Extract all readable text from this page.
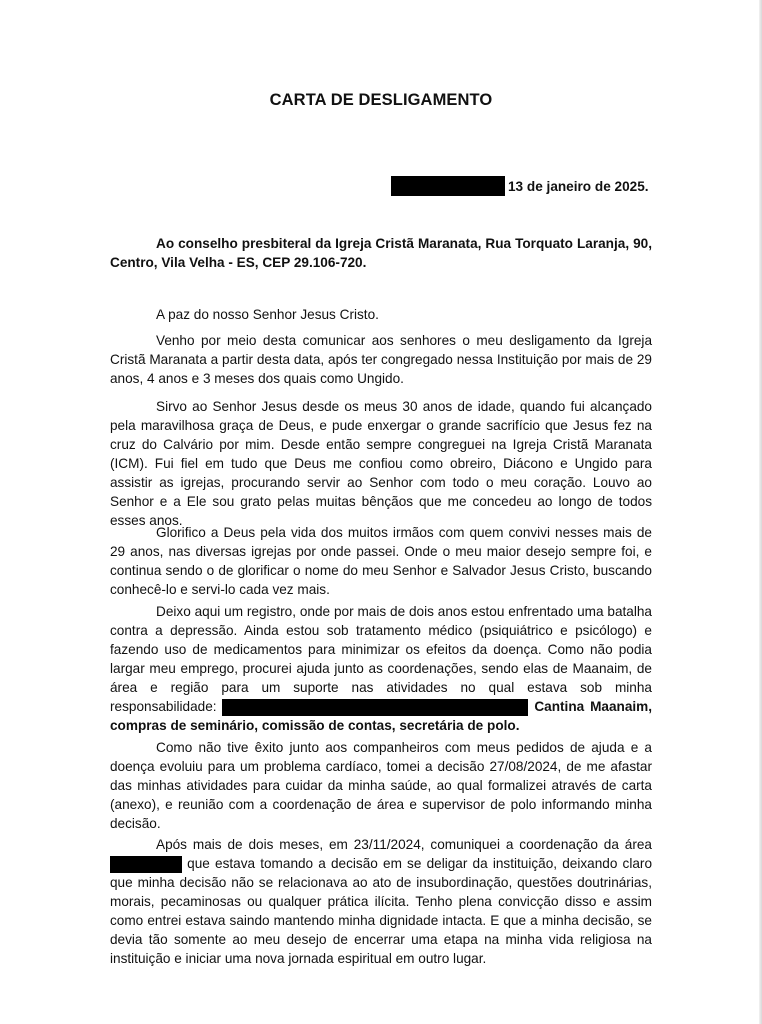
CARTA DE DESLIGAMENTO
13 de janeiro de 2025.
Ao conselho presbiteral da Igreja Cristã Maranata, Rua Torquato Laranja, 90, Centro, Vila Velha - ES, CEP 29.106-720.
A paz do nosso Senhor Jesus Cristo.
Venho por meio desta comunicar aos senhores o meu desligamento da Igreja Cristã Maranata a partir desta data, após ter congregado nessa Instituição por mais de 29 anos, 4 anos e 3 meses dos quais como Ungido.
Sirvo ao Senhor Jesus desde os meus 30 anos de idade, quando fui alcançado pela maravilhosa graça de Deus, e pude enxergar o grande sacrifício que Jesus fez na cruz do Calvário por mim. Desde então sempre congreguei na Igreja Cristã Maranata (ICM). Fui fiel em tudo que Deus me confiou como obreiro, Diácono e Ungido para assistir as igrejas, procurando servir ao Senhor com todo o meu coração. Louvo ao Senhor e a Ele sou grato pelas muitas bênçãos que me concedeu ao longo de todos esses anos.
Glorifico a Deus pela vida dos muitos irmãos com quem convivi nesses mais de 29 anos, nas diversas igrejas por onde passei. Onde o meu maior desejo sempre foi, e continua sendo o de glorificar o nome do meu Senhor e Salvador Jesus Cristo, buscando conhecê-lo e servi-lo cada vez mais.
Deixo aqui um registro, onde por mais de dois anos estou enfrentado uma batalha contra a depressão. Ainda estou sob tratamento médico (psiquiátrico e psicólogo) e fazendo uso de medicamentos para minimizar os efeitos da doença. Como não podia largar meu emprego, procurei ajuda junto as coordenações, sendo elas de Maanaim, de área e região para um suporte nas atividades no qual estava sob minha responsabilidade:	Cantina Maanaim, compras de seminário, comissão de contas, secretária de polo.
Como não tive êxito junto aos companheiros com meus pedidos de ajuda e a doença evoluiu para um problema cardíaco, tomei a decisão 27/08/2024, de me afastar das minhas atividades para cuidar da minha saúde, ao qual formalizei através de carta (anexo), e reunião com a coordenação de área e supervisor de polo informando minha decisão.
Após mais de dois meses, em 23/11/2024, comuniquei a coordenação da área  que estava tomando a decisão em se deligar da instituição, deixando claro que minha decisão não se relacionava ao ato de insubordinação, questões doutrinárias, morais, pecaminosas ou qualquer prática ilícita. Tenho plena convicção disso e assim como entrei estava saindo mantendo minha dignidade intacta. E que a minha decisão, se devia tão somente ao meu desejo de encerrar uma etapa na minha vida religiosa na instituição e iniciar uma nova jornada espiritual em outro lugar.
